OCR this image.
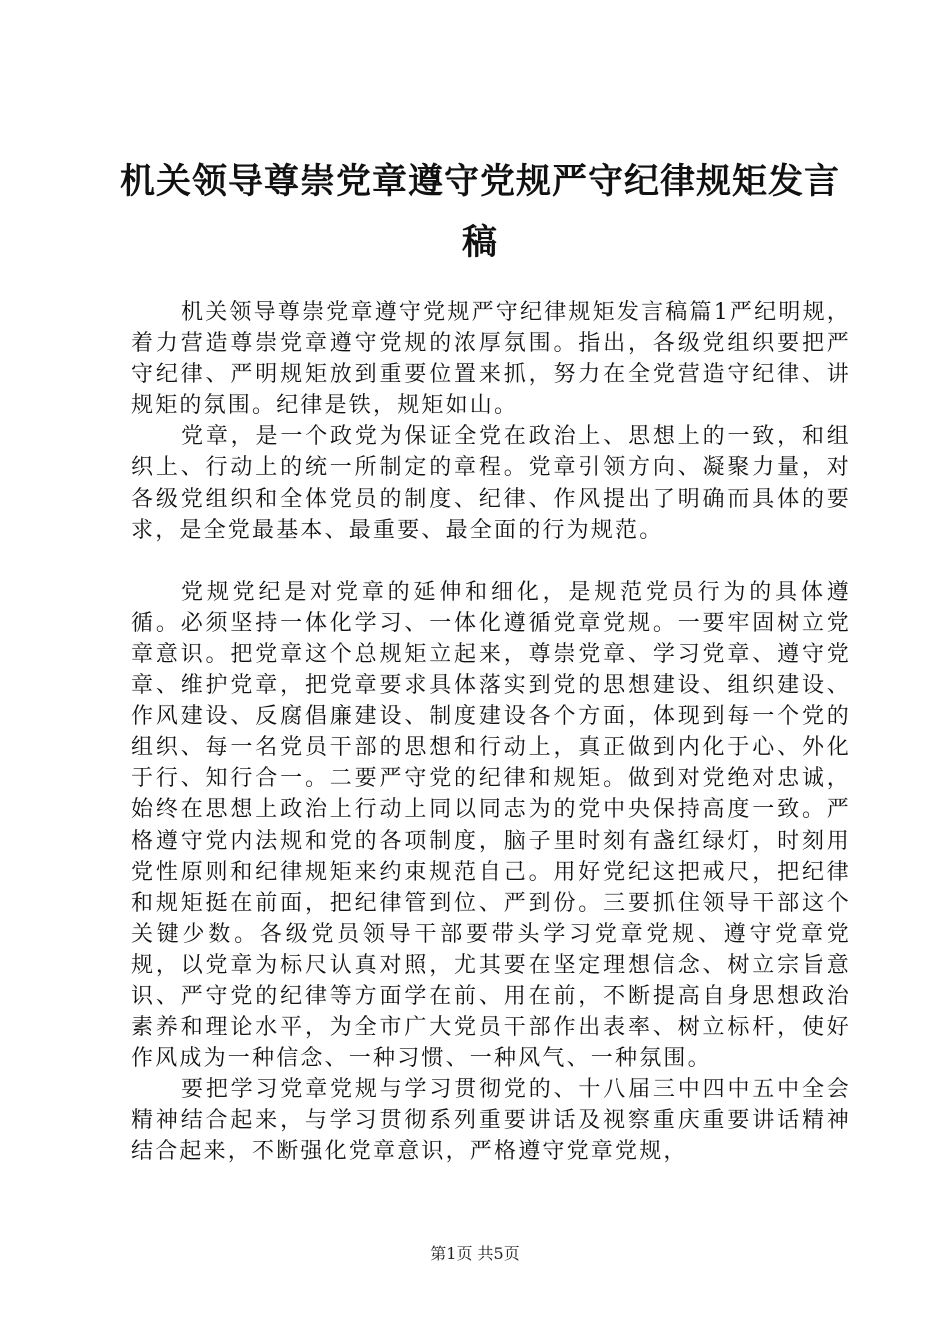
机关领导尊崇党章遵守党规严守纪律规矩发言稿

机关领导尊崇党章遵守党规严守纪律规矩发言稿篇1严纪明规，着力营造尊崇党章遵守党规的浓厚氛围。指出，各级党组织要把严守纪律、严明规矩放到重要位置来抓，努力在全党营造守纪律、讲规矩的氛围。纪律是铁，规矩如山。

党章，是一个政党为保证全党在政治上、思想上的一致，和组织上、行动上的统一所制定的章程。党章引领方向、凝聚力量，对各级党组织和全体党员的制度、纪律、作风提出了明确而具体的要求，是全党最基本、最重要、最全面的行为规范。

党规党纪是对党章的延伸和细化，是规范党员行为的具体遵循。必须坚持一体化学习、一体化遵循党章党规。一要牢固树立党章意识。把党章这个总规矩立起来，尊崇党章、学习党章、遵守党章、维护党章，把党章要求具体落实到党的思想建设、组织建设、作风建设、反腐倡廉建设、制度建设各个方面，体现到每一个党的组织、每一名党员干部的思想和行动上，真正做到内化于心、外化于行、知行合一。二要严守党的纪律和规矩。做到对党绝对忠诚，始终在思想上政治上行动上同以同志为的党中央保持高度一致。严格遵守党内法规和党的各项制度，脑子里时刻有盏红绿灯，时刻用党性原则和纪律规矩来约束规范自己。用好党纪这把戒尺，把纪律和规矩挺在前面，把纪律管到位、严到份。三要抓住领导干部这个关键少数。各级党员领导干部要带头学习党章党规、遵守党章党规，以党章为标尺认真对照，尤其要在坚定理想信念、树立宗旨意识、严守党的纪律等方面学在前、用在前，不断提高自身思想政治素养和理论水平，为全市广大党员干部作出表率、树立标杆，使好作风成为一种信念、一种习惯、一种风气、一种氛围。

要把学习党章党规与学习贯彻党的、十八届三中四中五中全会精神结合起来，与学习贯彻系列重要讲话及视察重庆重要讲话精神结合起来，不断强化党章意识，严格遵守党章党规，

第1页 共5页
